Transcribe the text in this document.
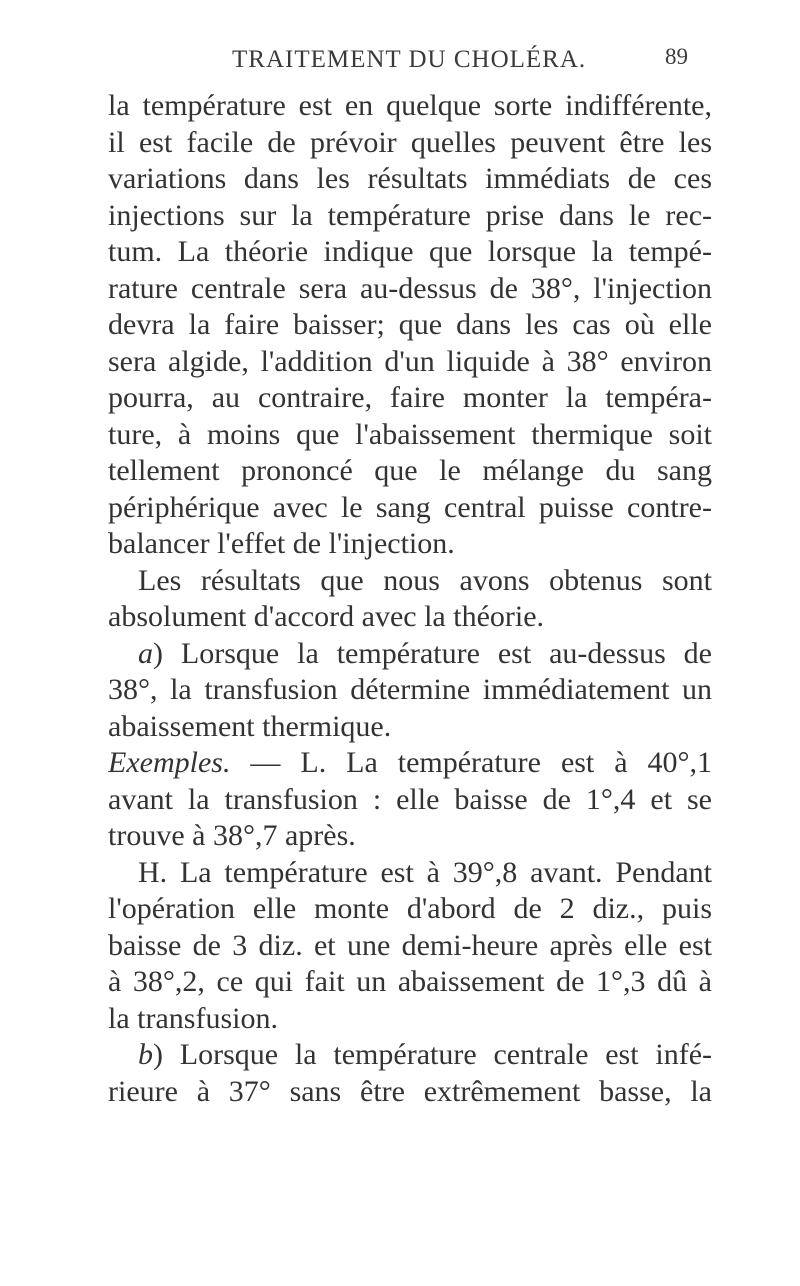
TRAITEMENT DU CHOLÉRA.	89
la température est en quelque sorte indifférente,
il est facile de prévoir quelles peuvent être les
variations dans les résultats immédiats de ces
injections sur la température prise dans le rec-
tum. La théorie indique que lorsque la tempé-
rature centrale sera au-dessus de 38°, l'injection
devra la faire baisser; que dans les cas où elle
sera algide, l'addition d'un liquide à 38° environ
pourra, au contraire, faire monter la tempéra-
ture, à moins que l'abaissement thermique soit
tellement prononcé que le mélange du sang
périphérique avec le sang central puisse contre-
balancer l'effet de l'injection.
Les résultats que nous avons obtenus sont
absolument d'accord avec la théorie.
a) Lorsque la température est au-dessus de
38°, la transfusion détermine immédiatement un
abaissement thermique.
Exemples. — L. La température est à 40°,1
avant la transfusion : elle baisse de 1°,4 et se
trouve à 38°,7 après.
H. La température est à 39°,8 avant. Pendant
l'opération elle monte d'abord de 2 diz., puis
baisse de 3 diz. et une demi-heure après elle est
à 38°,2, ce qui fait un abaissement de 1°,3 dû à
la transfusion.
b) Lorsque la température centrale est infé-
rieure à 37° sans être extrêmement basse, la
